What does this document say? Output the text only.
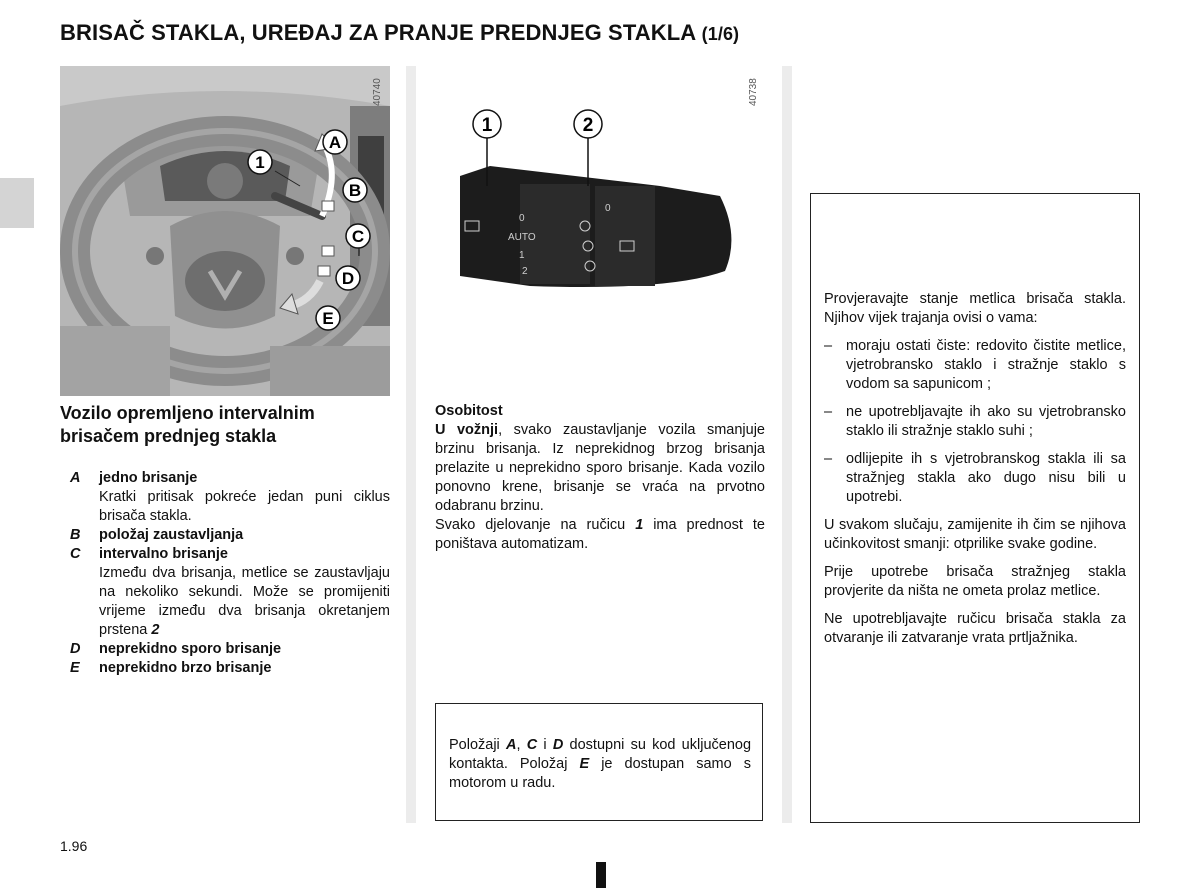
BRISAČ STAKLA, UREĐAJ ZA PRANJE PREDNJEG STAKLA (1/6)
1
A
B
C
D
E
40740
1	2
0
AUTO
1
2
0
40738
Vozilo opremljeno intervalnim brisačem prednjeg stakla
A	jedno brisanje
Kratki pritisak pokreće jedan puni ciklus brisača stakla.
B	položaj zaustavljanja
C	intervalno brisanje
Između dva brisanja, metlice se zaustavljaju na nekoliko sekundi. Može se promijeniti vrijeme između dva brisanja okretanjem prstena 2
D	neprekidno sporo brisanje
E	neprekidno brzo brisanje
Osobitost
U vožnji, svako zaustavljanje vozila smanjuje brzinu brisanja. Iz neprekidnog brzog brisanja prelazite u neprekidno sporo brisanje. Kada vozilo ponovno krene, brisanje se vraća na prvotno odabranu brzinu.
Svako djelovanje na ručicu 1 ima prednost te poništava automatizam.
Položaji A, C i D dostupni su kod uključenog kontakta. Položaj E je dostupan samo s motorom u radu.

Provjeravajte stanje metlica brisača stakla. Njihov vijek trajanja ovisi o vama:

– moraju ostati čiste: redovito čistite metlice, vjetrobransko staklo i stražnje staklo s vodom sa sapunicom ;
– ne upotrebljavajte ih ako su vjetrobransko staklo ili stražnje staklo suhi ;
– odlijepite ih s vjetrobranskog stakla ili sa stražnjeg stakla ako dugo nisu bili u upotrebi.

U svakom slučaju, zamijenite ih čim se njihova učinkovitost smanji: otprilike svake godine.

Prije upotrebe brisača stražnjeg stakla provjerite da ništa ne ometa prolaz metlice.

Ne upotrebljavajte ručicu brisača stakla za otvaranje ili zatvaranje vrata prtljažnika.

1.96
